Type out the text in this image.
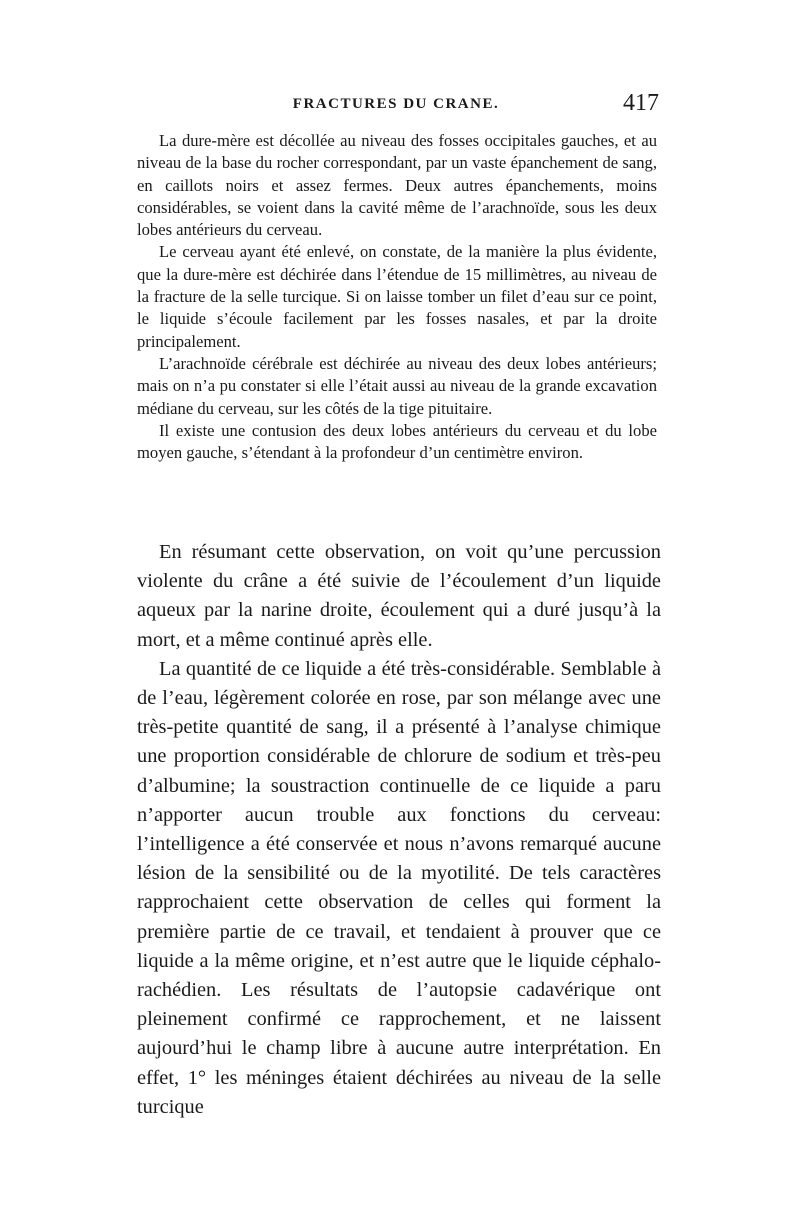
FRACTURES DU CRANE.	417

La dure-mère est décollée au niveau des fosses occipitales gauches, et au niveau de la base du rocher correspondant, par un vaste épanchement de sang, en caillots noirs et assez fermes. Deux autres épanchements, moins considérables, se voient dans la cavité même de l’arachnoïde, sous les deux lobes antérieurs du cerveau.

Le cerveau ayant été enlevé, on constate, de la manière la plus évidente, que la dure-mère est déchirée dans l’étendue de 15 millimètres, au niveau de la fracture de la selle turcique. Si on laisse tomber un filet d’eau sur ce point, le liquide s’écoule facilement par les fosses nasales, et par la droite principalement.

L’arachnoïde cérébrale est déchirée au niveau des deux lobes antérieurs; mais on n’a pu constater si elle l’était aussi au niveau de la grande excavation médiane du cerveau, sur les côtés de la tige pituitaire.

Il existe une contusion des deux lobes antérieurs du cerveau et du lobe moyen gauche, s’étendant à la profondeur d’un centimètre environ.

En résumant cette observation, on voit qu’une percussion violente du crâne a été suivie de l’écoulement d’un liquide aqueux par la narine droite, écoulement qui a duré jusqu’à la mort, et a même continué après elle.

La quantité de ce liquide a été très-considérable. Semblable à de l’eau, légèrement colorée en rose, par son mélange avec une très-petite quantité de sang, il a présenté à l’analyse chimique une proportion considérable de chlorure de sodium et très-peu d’albumine; la soustraction continuelle de ce liquide a paru n’apporter aucun trouble aux fonctions du cerveau: l’intelligence a été conservée et nous n’avons remarqué aucune lésion de la sensibilité ou de la myotilité. De tels caractères rapprochaient cette observation de celles qui forment la première partie de ce travail, et tendaient à prouver que ce liquide a la même origine, et n’est autre que le liquide céphalo-rachédien. Les résultats de l’autopsie cadavérique ont pleinement confirmé ce rapprochement, et ne laissent aujourd’hui le champ libre à aucune autre interprétation. En effet, 1° les méninges étaient déchirées au niveau de la selle turcique
